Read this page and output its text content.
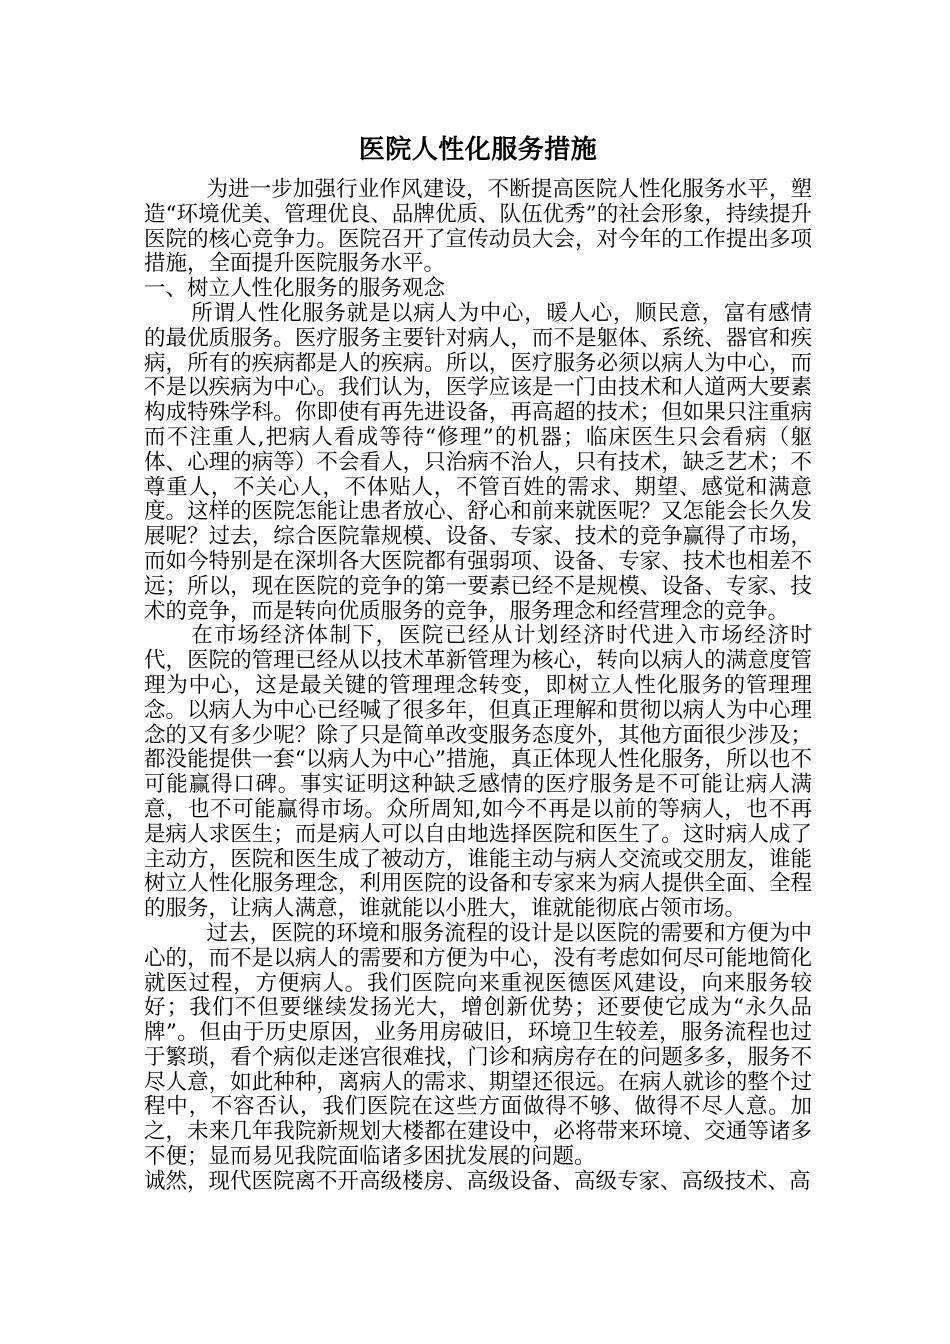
医院人性化服务措施

为进一步加强行业作风建设，不断提高医院人性化服务水平，塑造“环境优美、管理优良、品牌优质、队伍优秀”的社会形象，持续提升医院的核心竞争力。医院召开了宣传动员大会，对今年的工作提出多项措施，全面提升医院服务水平。

一、树立人性化服务的服务观念

所谓人性化服务就是以病人为中心，暖人心，顺民意，富有感情的最优质服务。医疗服务主要针对病人，而不是躯体、系统、器官和疾病，所有的疾病都是人的疾病。所以，医疗服务必须以病人为中心，而不是以疾病为中心。我们认为，医学应该是一门由技术和人道两大要素构成特殊学科。你即使有再先进设备，再高超的技术；但如果只注重病而不注重人,把病人看成等待“修理”的机器；临床医生只会看病（躯体、心理的病等）不会看人，只治病不治人，只有技术，缺乏艺术；不尊重人，不关心人，不体贴人，不管百姓的需求、期望、感觉和满意度。这样的医院怎能让患者放心、舒心和前来就医呢？又怎能会长久发展呢？过去，综合医院靠规模、设备、专家、技术的竞争赢得了市场，而如今特别是在深圳各大医院都有强弱项、设备、专家、技术也相差不远；所以，现在医院的竞争的第一要素已经不是规模、设备、专家、技术的竞争，而是转向优质服务的竞争，服务理念和经营理念的竞争。

在市场经济体制下，医院已经从计划经济时代进入市场经济时代，医院的管理已经从以技术革新管理为核心，转向以病人的满意度管理为中心，这是最关键的管理理念转变，即树立人性化服务的管理理念。以病人为中心已经喊了很多年，但真正理解和贯彻以病人为中心理念的又有多少呢？除了只是简单改变服务态度外，其他方面很少涉及；都没能提供一套“以病人为中心”措施，真正体现人性化服务，所以也不可能赢得口碑。事实证明这种缺乏感情的医疗服务是不可能让病人满意，也不可能赢得市场。众所周知,如今不再是以前的等病人，也不再是病人求医生；而是病人可以自由地选择医院和医生了。这时病人成了主动方，医院和医生成了被动方，谁能主动与病人交流或交朋友，谁能树立人性化服务理念，利用医院的设备和专家来为病人提供全面、全程的服务，让病人满意，谁就能以小胜大，谁就能彻底占领市场。

过去，医院的环境和服务流程的设计是以医院的需要和方便为中心的，而不是以病人的需要和方便为中心，没有考虑如何尽可能地简化就医过程，方便病人。我们医院向来重视医德医风建设，向来服务较好；我们不但要继续发扬光大，增创新优势；还要使它成为“永久品牌”。但由于历史原因，业务用房破旧，环境卫生较差，服务流程也过于繁琐，看个病似走迷宫很难找，门诊和病房存在的问题多多，服务不尽人意，如此种种，离病人的需求、期望还很远。在病人就诊的整个过程中，不容否认，我们医院在这些方面做得不够、做得不尽人意。加之，未来几年我院新规划大楼都在建设中，必将带来环境、交通等诸多不便；显而易见我院面临诸多困扰发展的问题。

诚然，现代医院离不开高级楼房、高级设备、高级专家、高级技术、高
